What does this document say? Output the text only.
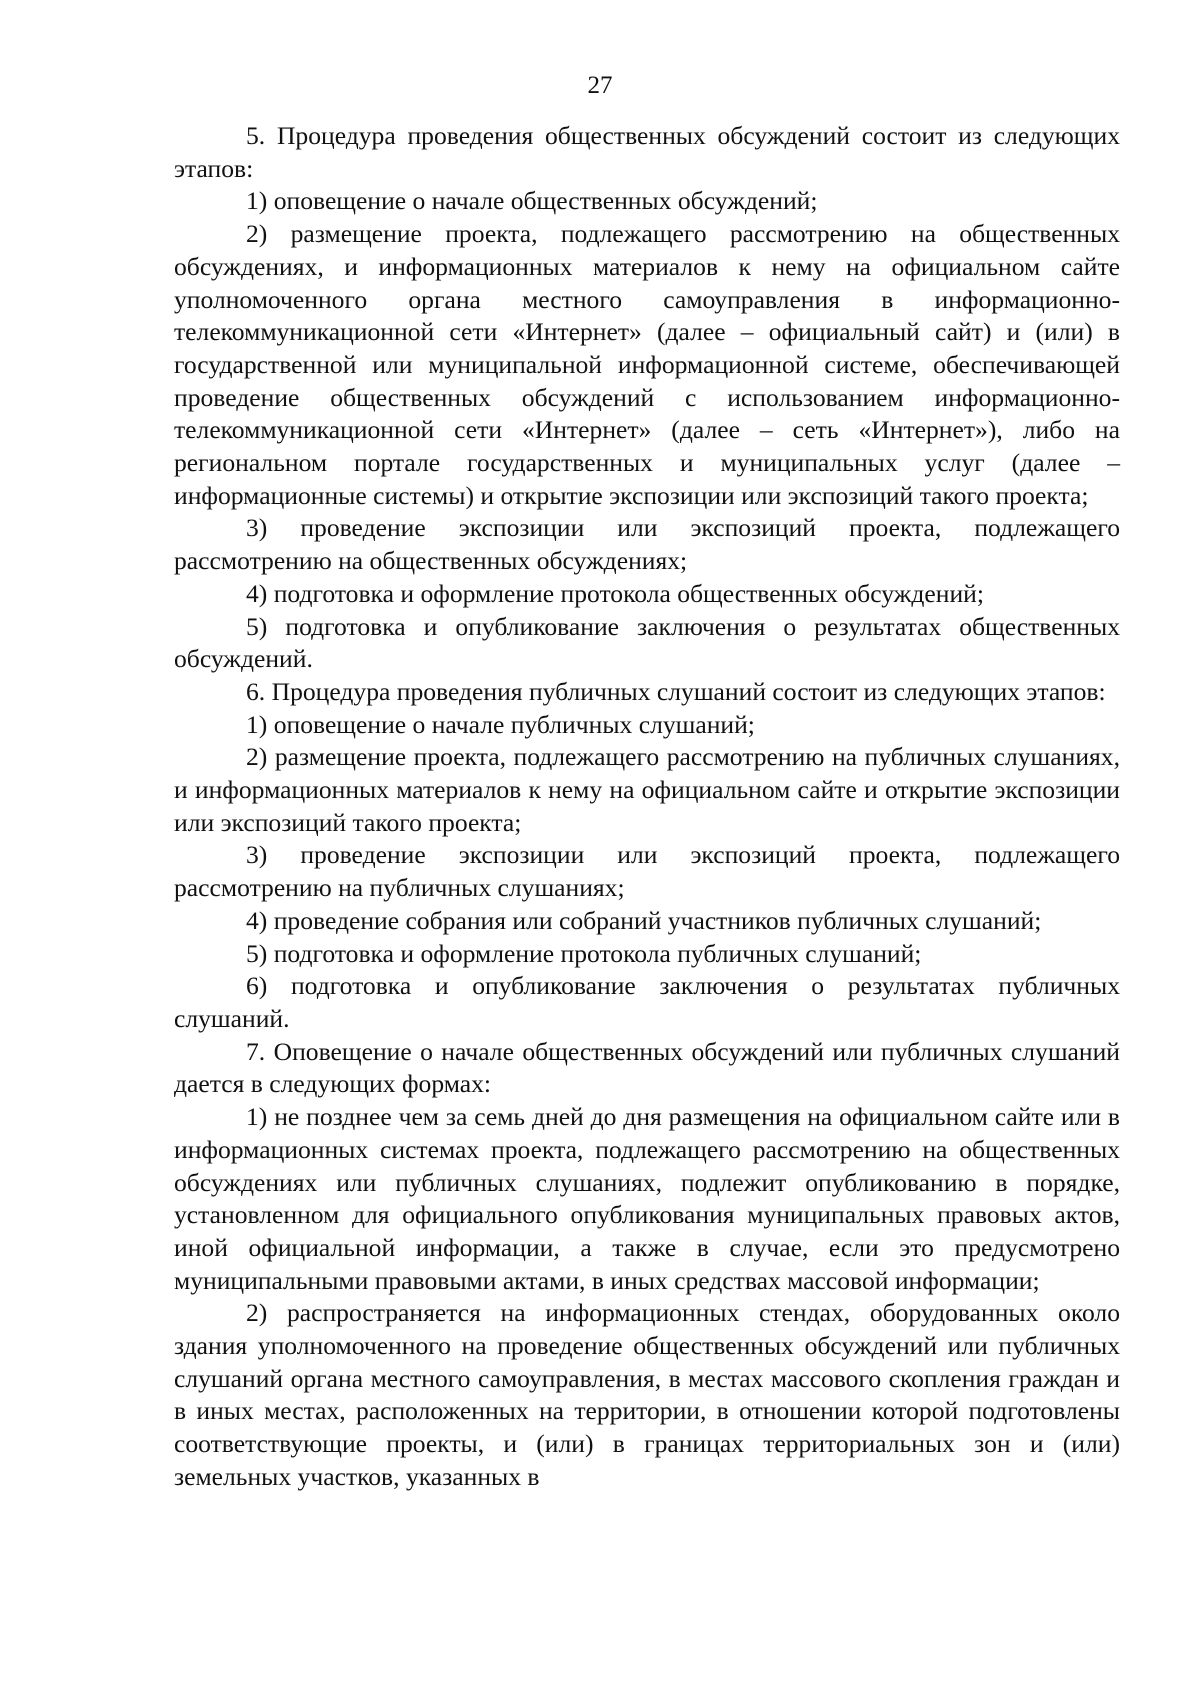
27

5. Процедура проведения общественных обсуждений состоит из следующих этапов:

1) оповещение о начале общественных обсуждений;

2) размещение проекта, подлежащего рассмотрению на общественных обсуждениях, и информационных материалов к нему на официальном сайте уполномоченного органа местного самоуправления в информационно-телекоммуникационной сети «Интернет» (далее – официальный сайт) и (или) в государственной или муниципальной информационной системе, обеспечивающей проведение общественных обсуждений с использованием информационно-телекоммуникационной сети «Интернет» (далее – сеть «Интернет»), либо на региональном портале государственных и муниципальных услуг (далее – информационные системы) и открытие экспозиции или экспозиций такого проекта;

3) проведение экспозиции или экспозиций проекта, подлежащего рассмотрению на общественных обсуждениях;

4) подготовка и оформление протокола общественных обсуждений;

5) подготовка и опубликование заключения о результатах общественных обсуждений.

6. Процедура проведения публичных слушаний состоит из следующих этапов:

1) оповещение о начале публичных слушаний;

2) размещение проекта, подлежащего рассмотрению на публичных слушаниях, и информационных материалов к нему на официальном сайте и открытие экспозиции или экспозиций такого проекта;

3) проведение экспозиции или экспозиций проекта, подлежащего рассмотрению на публичных слушаниях;

4) проведение собрания или собраний участников публичных слушаний;

5) подготовка и оформление протокола публичных слушаний;

6) подготовка и опубликование заключения о результатах публичных слушаний.

7. Оповещение о начале общественных обсуждений или публичных слушаний дается в следующих формах:

1) не позднее чем за семь дней до дня размещения на официальном сайте или в информационных системах проекта, подлежащего рассмотрению на общественных обсуждениях или публичных слушаниях, подлежит опубликованию в порядке, установленном для официального опубликования муниципальных правовых актов, иной официальной информации, а также в случае, если это предусмотрено муниципальными правовыми актами, в иных средствах массовой информации;

2) распространяется на информационных стендах, оборудованных около здания уполномоченного на проведение общественных обсуждений или публичных слушаний органа местного самоуправления, в местах массового скопления граждан и в иных местах, расположенных на территории, в отношении которой подготовлены соответствующие проекты, и (или) в границах территориальных зон и (или) земельных участков, указанных в
